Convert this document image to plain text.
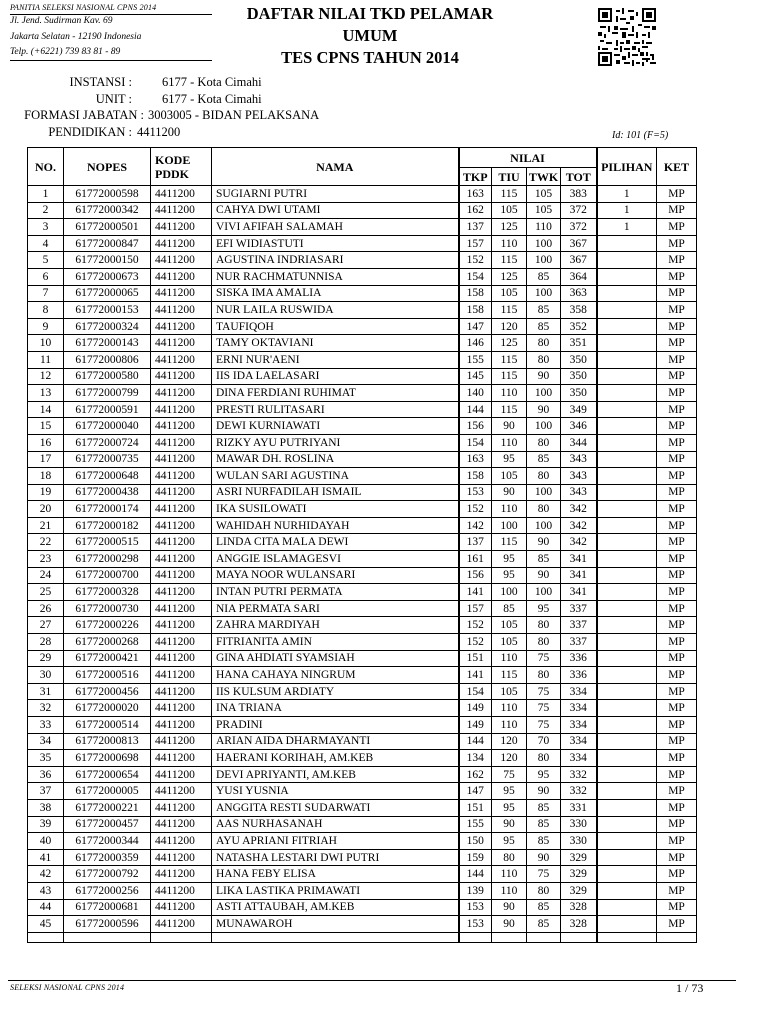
PANITIA SELEKSI NASIONAL CPNS 2014
Jl. Jend. Sudirman Kav. 69
Jakarta Selatan - 12190 Indonesia
Telp. (+6221) 739 83 81 - 89
DAFTAR NILAI TKD PELAMAR UMUM
TES CPNS TAHUN 2014
INSTANSI : 6177 - Kota Cimahi
UNIT : 6177 - Kota Cimahi
FORMASI JABATAN : 3003005 - BIDAN PELAKSANA
PENDIDIKAN : 4411200	Id: 101 (F=5)
NO.	NOPES	KODE PDDK	NAMA	NILAI				PILIHAN	KET
				TKP	TIU	TWK	TOT		
1	61772000598	4411200	SUGIARNI PUTRI	163	115	105	383	1	MP
2	61772000342	4411200	CAHYA DWI UTAMI	162	105	105	372	1	MP
3	61772000501	4411200	VIVI AFIFAH SALAMAH	137	125	110	372	1	MP
4	61772000847	4411200	EFI WIDIASTUTI	157	110	100	367		MP
5	61772000150	4411200	AGUSTINA INDRIASARI	152	115	100	367		MP
6	61772000673	4411200	NUR RACHMATUNNISA	154	125	85	364		MP
7	61772000065	4411200	SISKA IMA AMALIA	158	105	100	363		MP
8	61772000153	4411200	NUR LAILA RUSWIDA	158	115	85	358		MP
9	61772000324	4411200	TAUFIQOH	147	120	85	352		MP
10	61772000143	4411200	TAMY OKTAVIANI	146	125	80	351		MP
11	61772000806	4411200	ERNI NUR'AENI	155	115	80	350		MP
12	61772000580	4411200	IIS IDA LAELASARI	145	115	90	350		MP
13	61772000799	4411200	DINA FERDIANI RUHIMAT	140	110	100	350		MP
14	61772000591	4411200	PRESTI RULITASARI	144	115	90	349		MP
15	61772000040	4411200	DEWI KURNIAWATI	156	90	100	346		MP
16	61772000724	4411200	RIZKY AYU PUTRIYANI	154	110	80	344		MP
17	61772000735	4411200	MAWAR DH. ROSLINA	163	95	85	343		MP
18	61772000648	4411200	WULAN SARI AGUSTINA	158	105	80	343		MP
19	61772000438	4411200	ASRI NURFADILAH ISMAIL	153	90	100	343		MP
20	61772000174	4411200	IKA SUSILOWATI	152	110	80	342		MP
21	61772000182	4411200	WAHIDAH NURHIDAYAH	142	100	100	342		MP
22	61772000515	4411200	LINDA CITA MALA DEWI	137	115	90	342		MP
23	61772000298	4411200	ANGGIE ISLAMAGESVI	161	95	85	341		MP
24	61772000700	4411200	MAYA NOOR WULANSARI	156	95	90	341		MP
25	61772000328	4411200	INTAN PUTRI PERMATA	141	100	100	341		MP
26	61772000730	4411200	NIA PERMATA SARI	157	85	95	337		MP
27	61772000226	4411200	ZAHRA MARDIYAH	152	105	80	337		MP
28	61772000268	4411200	FITRIANITA AMIN	152	105	80	337		MP
29	61772000421	4411200	GINA AHDIATI SYAMSIAH	151	110	75	336		MP
30	61772000516	4411200	HANA CAHAYA NINGRUM	141	115	80	336		MP
31	61772000456	4411200	IIS KULSUM ARDIATY	154	105	75	334		MP
32	61772000020	4411200	INA TRIANA	149	110	75	334		MP
33	61772000514	4411200	PRADINI	149	110	75	334		MP
34	61772000813	4411200	ARIAN AIDA DHARMAYANTI	144	120	70	334		MP
35	61772000698	4411200	HAERANI KORIHAH, AM.KEB	134	120	80	334		MP
36	61772000654	4411200	DEVI APRIYANTI, AM.KEB	162	75	95	332		MP
37	61772000005	4411200	YUSI YUSNIA	147	95	90	332		MP
38	61772000221	4411200	ANGGITA RESTI SUDARWATI	151	95	85	331		MP
39	61772000457	4411200	AAS NURHASANAH	155	90	85	330		MP
40	61772000344	4411200	AYU APRIANI FITRIAH	150	95	85	330		MP
41	61772000359	4411200	NATASHA LESTARI DWI PUTRI	159	80	90	329		MP
42	61772000792	4411200	HANA FEBY ELISA	144	110	75	329		MP
43	61772000256	4411200	LIKA LASTIKA PRIMAWATI	139	110	80	329		MP
44	61772000681	4411200	ASTI ATTAUBAH, AM.KEB	153	90	85	328		MP
45	61772000596	4411200	MUNAWAROH	153	90	85	328		MP

SELEKSI NASIONAL CPNS 2014	1 / 73
